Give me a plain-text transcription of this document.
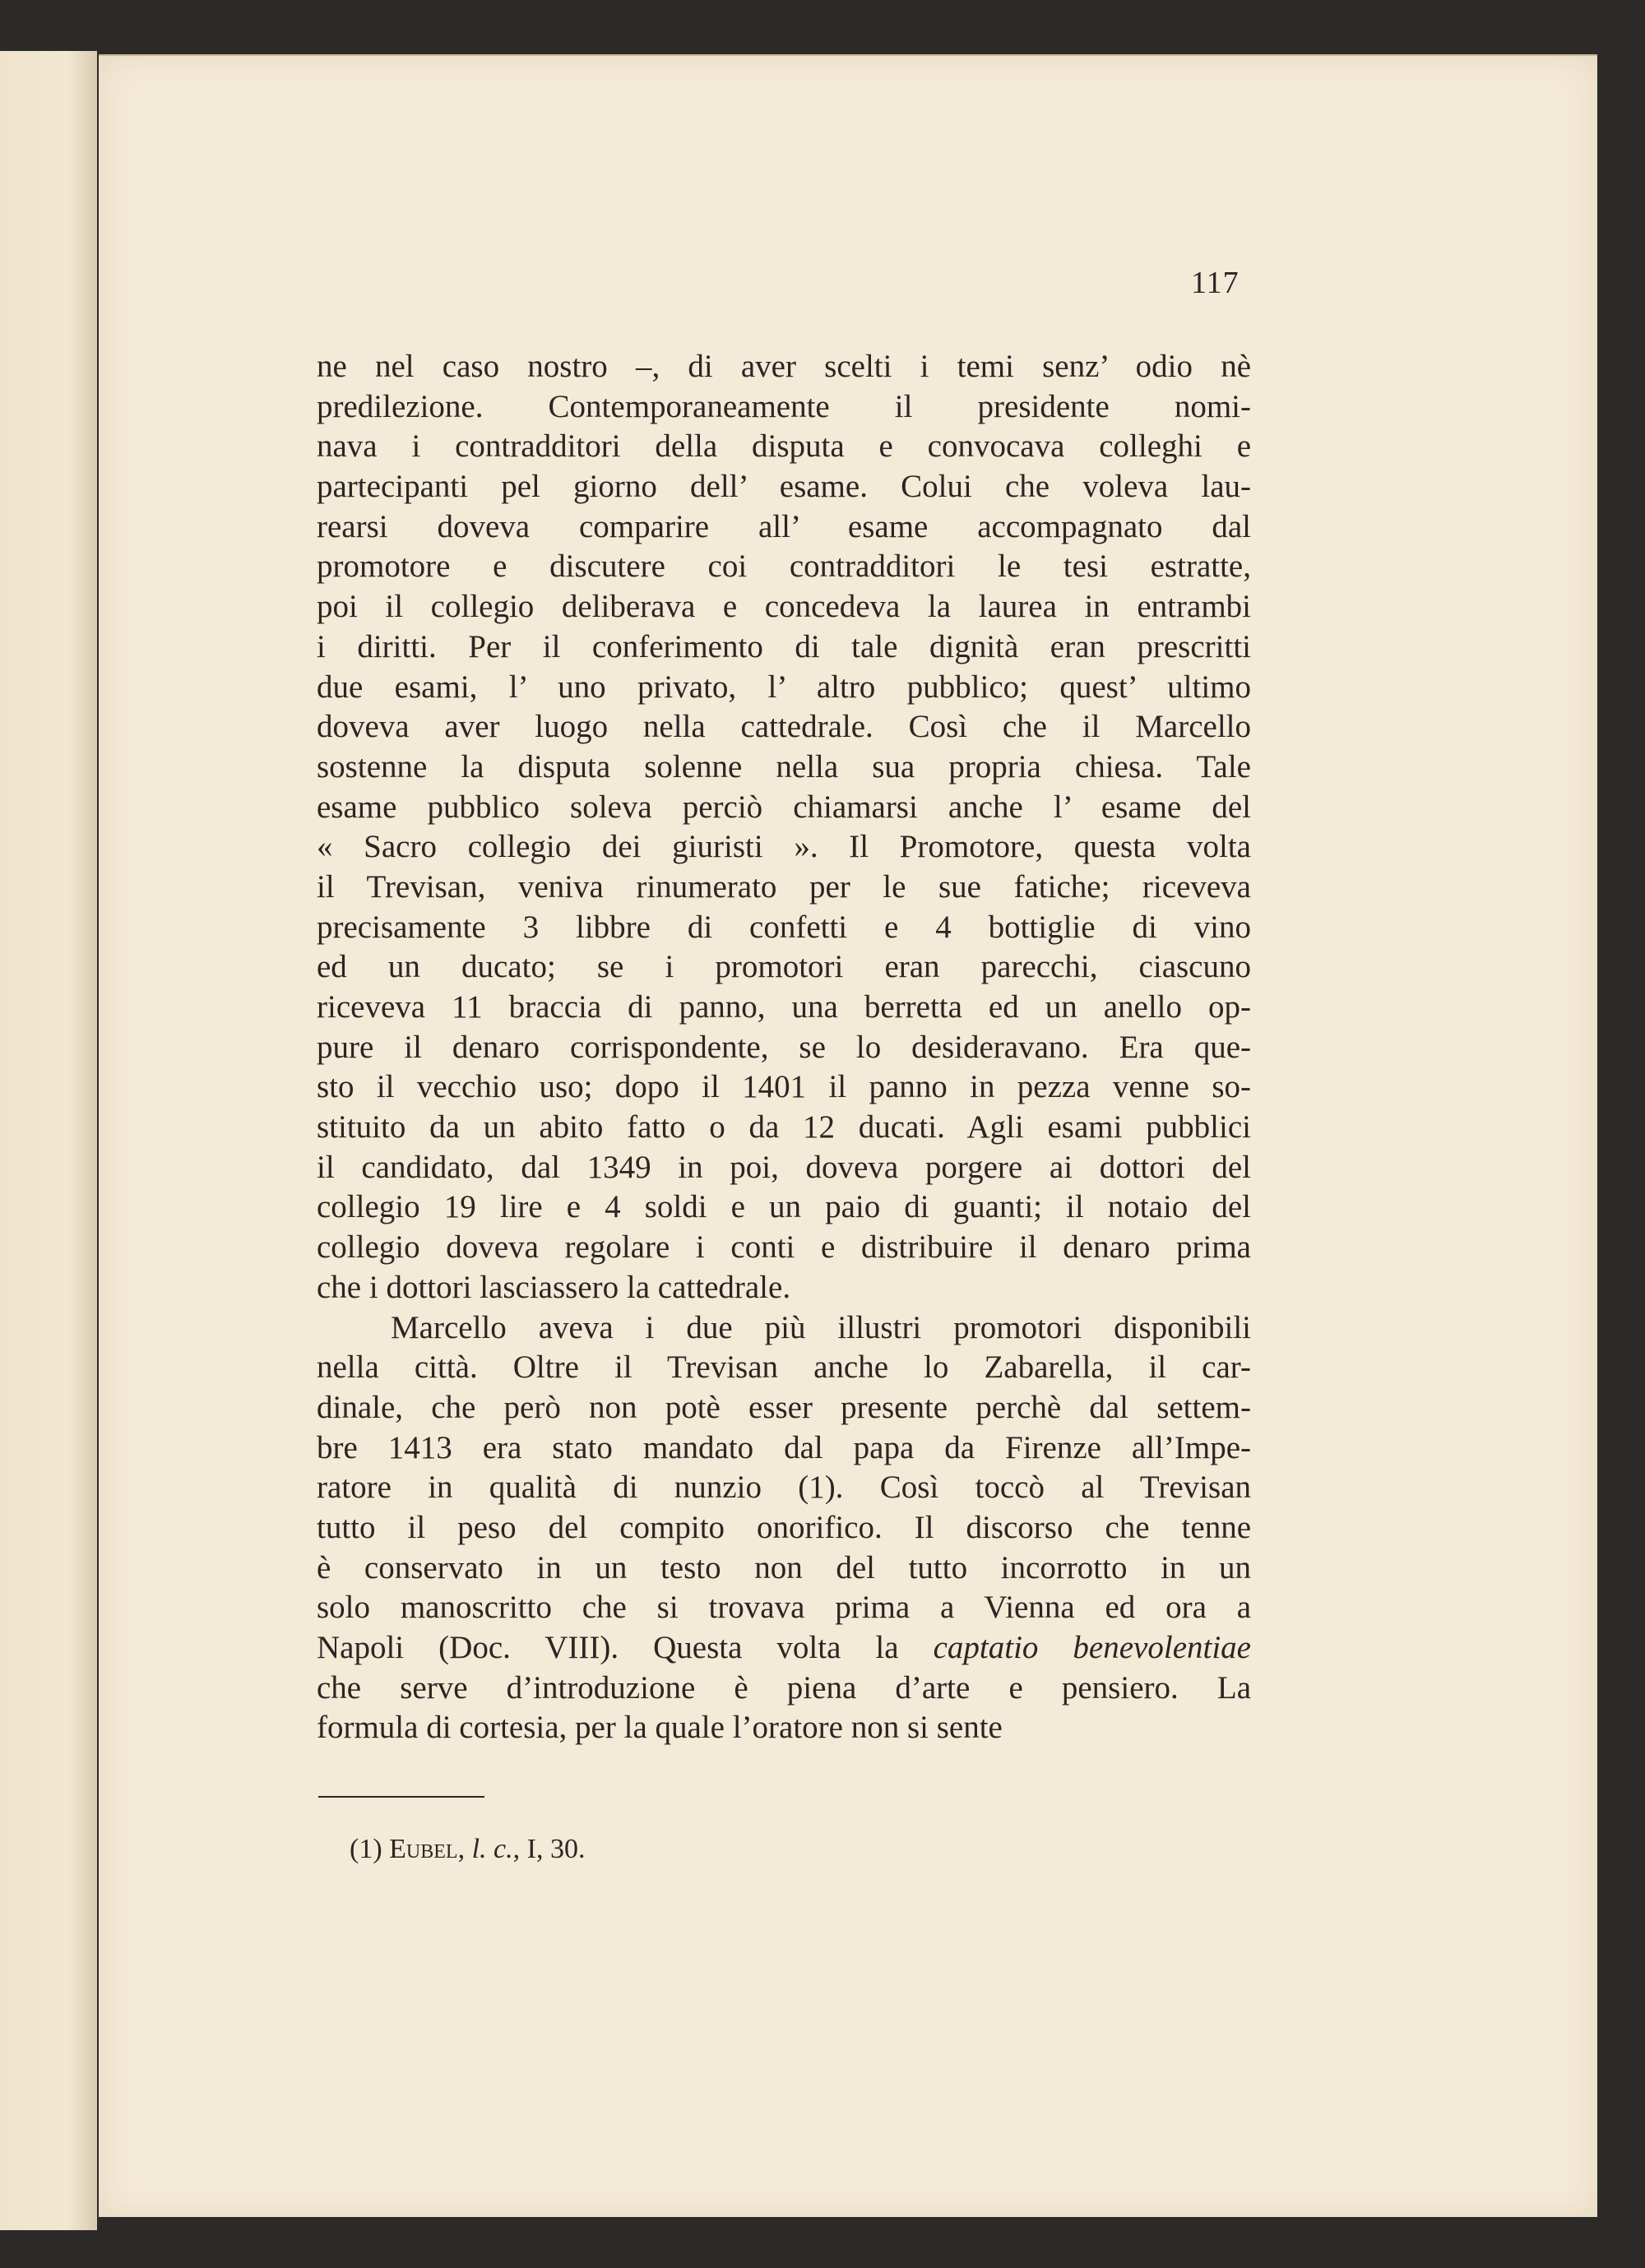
117
ne nel caso nostro –, di aver scelti i temi senz’ odio nè
predilezione. Contemporaneamente il presidente nomi-
nava i contradditori della disputa e convocava colleghi e
partecipanti pel giorno dell’ esame. Colui che voleva lau-
rearsi doveva comparire all’ esame accompagnato dal
promotore e discutere coi contradditori le tesi estratte,
poi il collegio deliberava e concedeva la laurea in entrambi
i diritti. Per il conferimento di tale dignità eran prescritti
due esami, l’ uno privato, l’ altro pubblico; quest’ ultimo
doveva aver luogo nella cattedrale. Così che il Marcello
sostenne la disputa solenne nella sua propria chiesa. Tale
esame pubblico soleva perciò chiamarsi anche l’ esame del
« Sacro collegio dei giuristi ». Il Promotore, questa volta
il Trevisan, veniva rinumerato per le sue fatiche; riceveva
precisamente 3 libbre di confetti e 4 bottiglie di vino
ed un ducato; se i promotori eran parecchi, ciascuno
riceveva 11 braccia di panno, una berretta ed un anello op-
pure il denaro corrispondente, se lo desideravano. Era que-
sto il vecchio uso; dopo il 1401 il panno in pezza venne so-
stituito da un abito fatto o da 12 ducati. Agli esami pubblici
il candidato, dal 1349 in poi, doveva porgere ai dottori del
collegio 19 lire e 4 soldi e un paio di guanti; il notaio del
collegio doveva regolare i conti e distribuire il denaro prima
che i dottori lasciassero la cattedrale.
Marcello aveva i due più illustri promotori disponibili
nella città. Oltre il Trevisan anche lo Zabarella, il car-
dinale, che però non potè esser presente perchè dal settem-
bre 1413 era stato mandato dal papa da Firenze all’Impe-
ratore in qualità di nunzio (1). Così toccò al Trevisan
tutto il peso del compito onorifico. Il discorso che tenne
è conservato in un testo non del tutto incorrotto in un
solo manoscritto che si trovava prima a Vienna ed ora a
Napoli (Doc. VIII). Questa volta la captatio benevolentiae
che serve d’introduzione è piena d’arte e pensiero. La
formula di cortesia, per la quale l’oratore non si sente
(1) Eubel, l. c., I, 30.
